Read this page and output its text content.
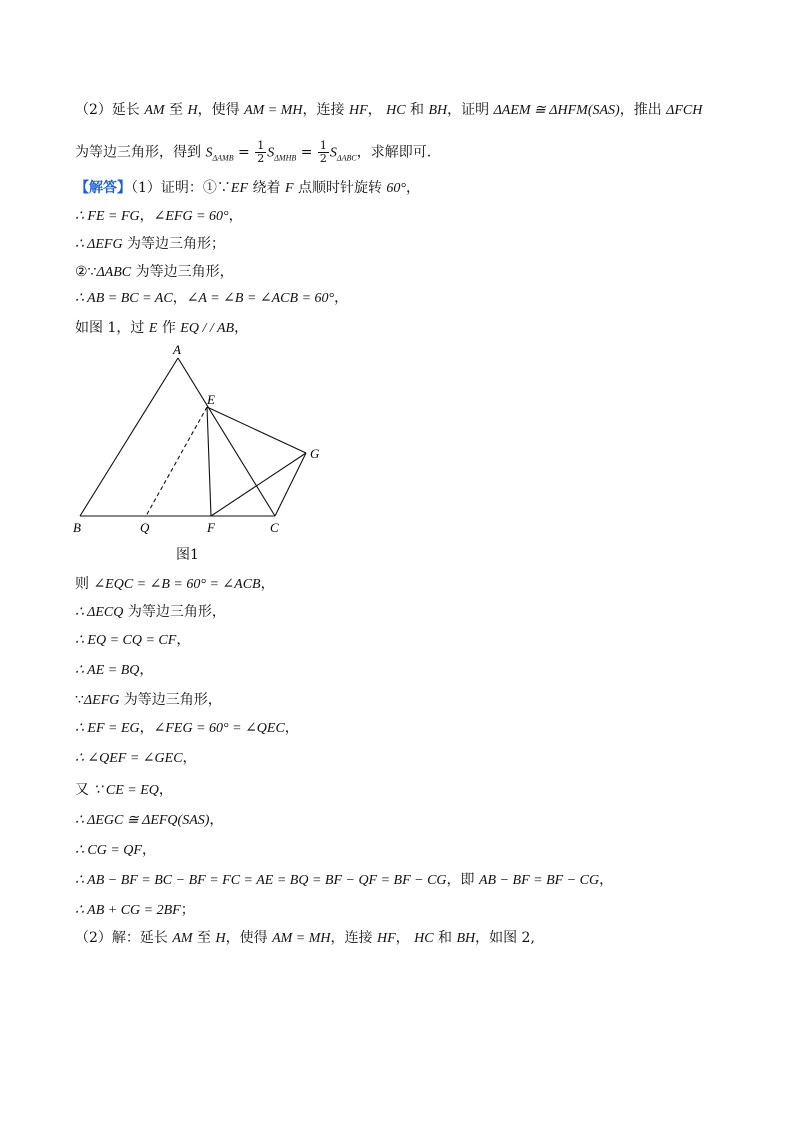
（2）延长 AM 至 H，使得 AM = MH，连接 HF， HC 和 BH，证明 ΔAEM ≅ ΔHFM(SAS)，推出 ΔFCH
为等边三角形，得到 $S_{\Delta AMB} = \frac{1}{2} S_{\Delta MHB} = \frac{1}{2} S_{\Delta ABC}$，求解即可.
【解答】（1）证明：①∵EF 绕着 F 点顺时针旋转 60°，
∴ FE = FG，∠EFG = 60°，
∴ ΔEFG 为等边三角形；
②∵ΔABC 为等边三角形，
∴ AB = BC = AC，∠A = ∠B = ∠ACB = 60°，
如图 1，过 E 作 EQ / / AB，
A
B	C
E
F
G
Q
图1
则 ∠EQC = ∠B = 60° = ∠ACB，
∴ ΔECQ 为等边三角形，
∴ EQ = CQ = CF，
∴ AE = BQ，
∵ΔEFG 为等边三角形，
∴ EF = EG，∠FEG = 60° = ∠QEC，
∴ ∠QEF = ∠GEC，
又 ∵ CE = EQ，
∴ ΔEGC ≅ ΔEFQ(SAS)，
∴ CG = QF，
∴ AB − BF = BC − BF = FC = AE = BQ = BF − QF = BF − CG，即 AB − BF = BF − CG，
∴ AB + CG = 2BF；
（2）解：延长 AM 至 H，使得 AM = MH，连接 HF， HC 和 BH，如图 2,
